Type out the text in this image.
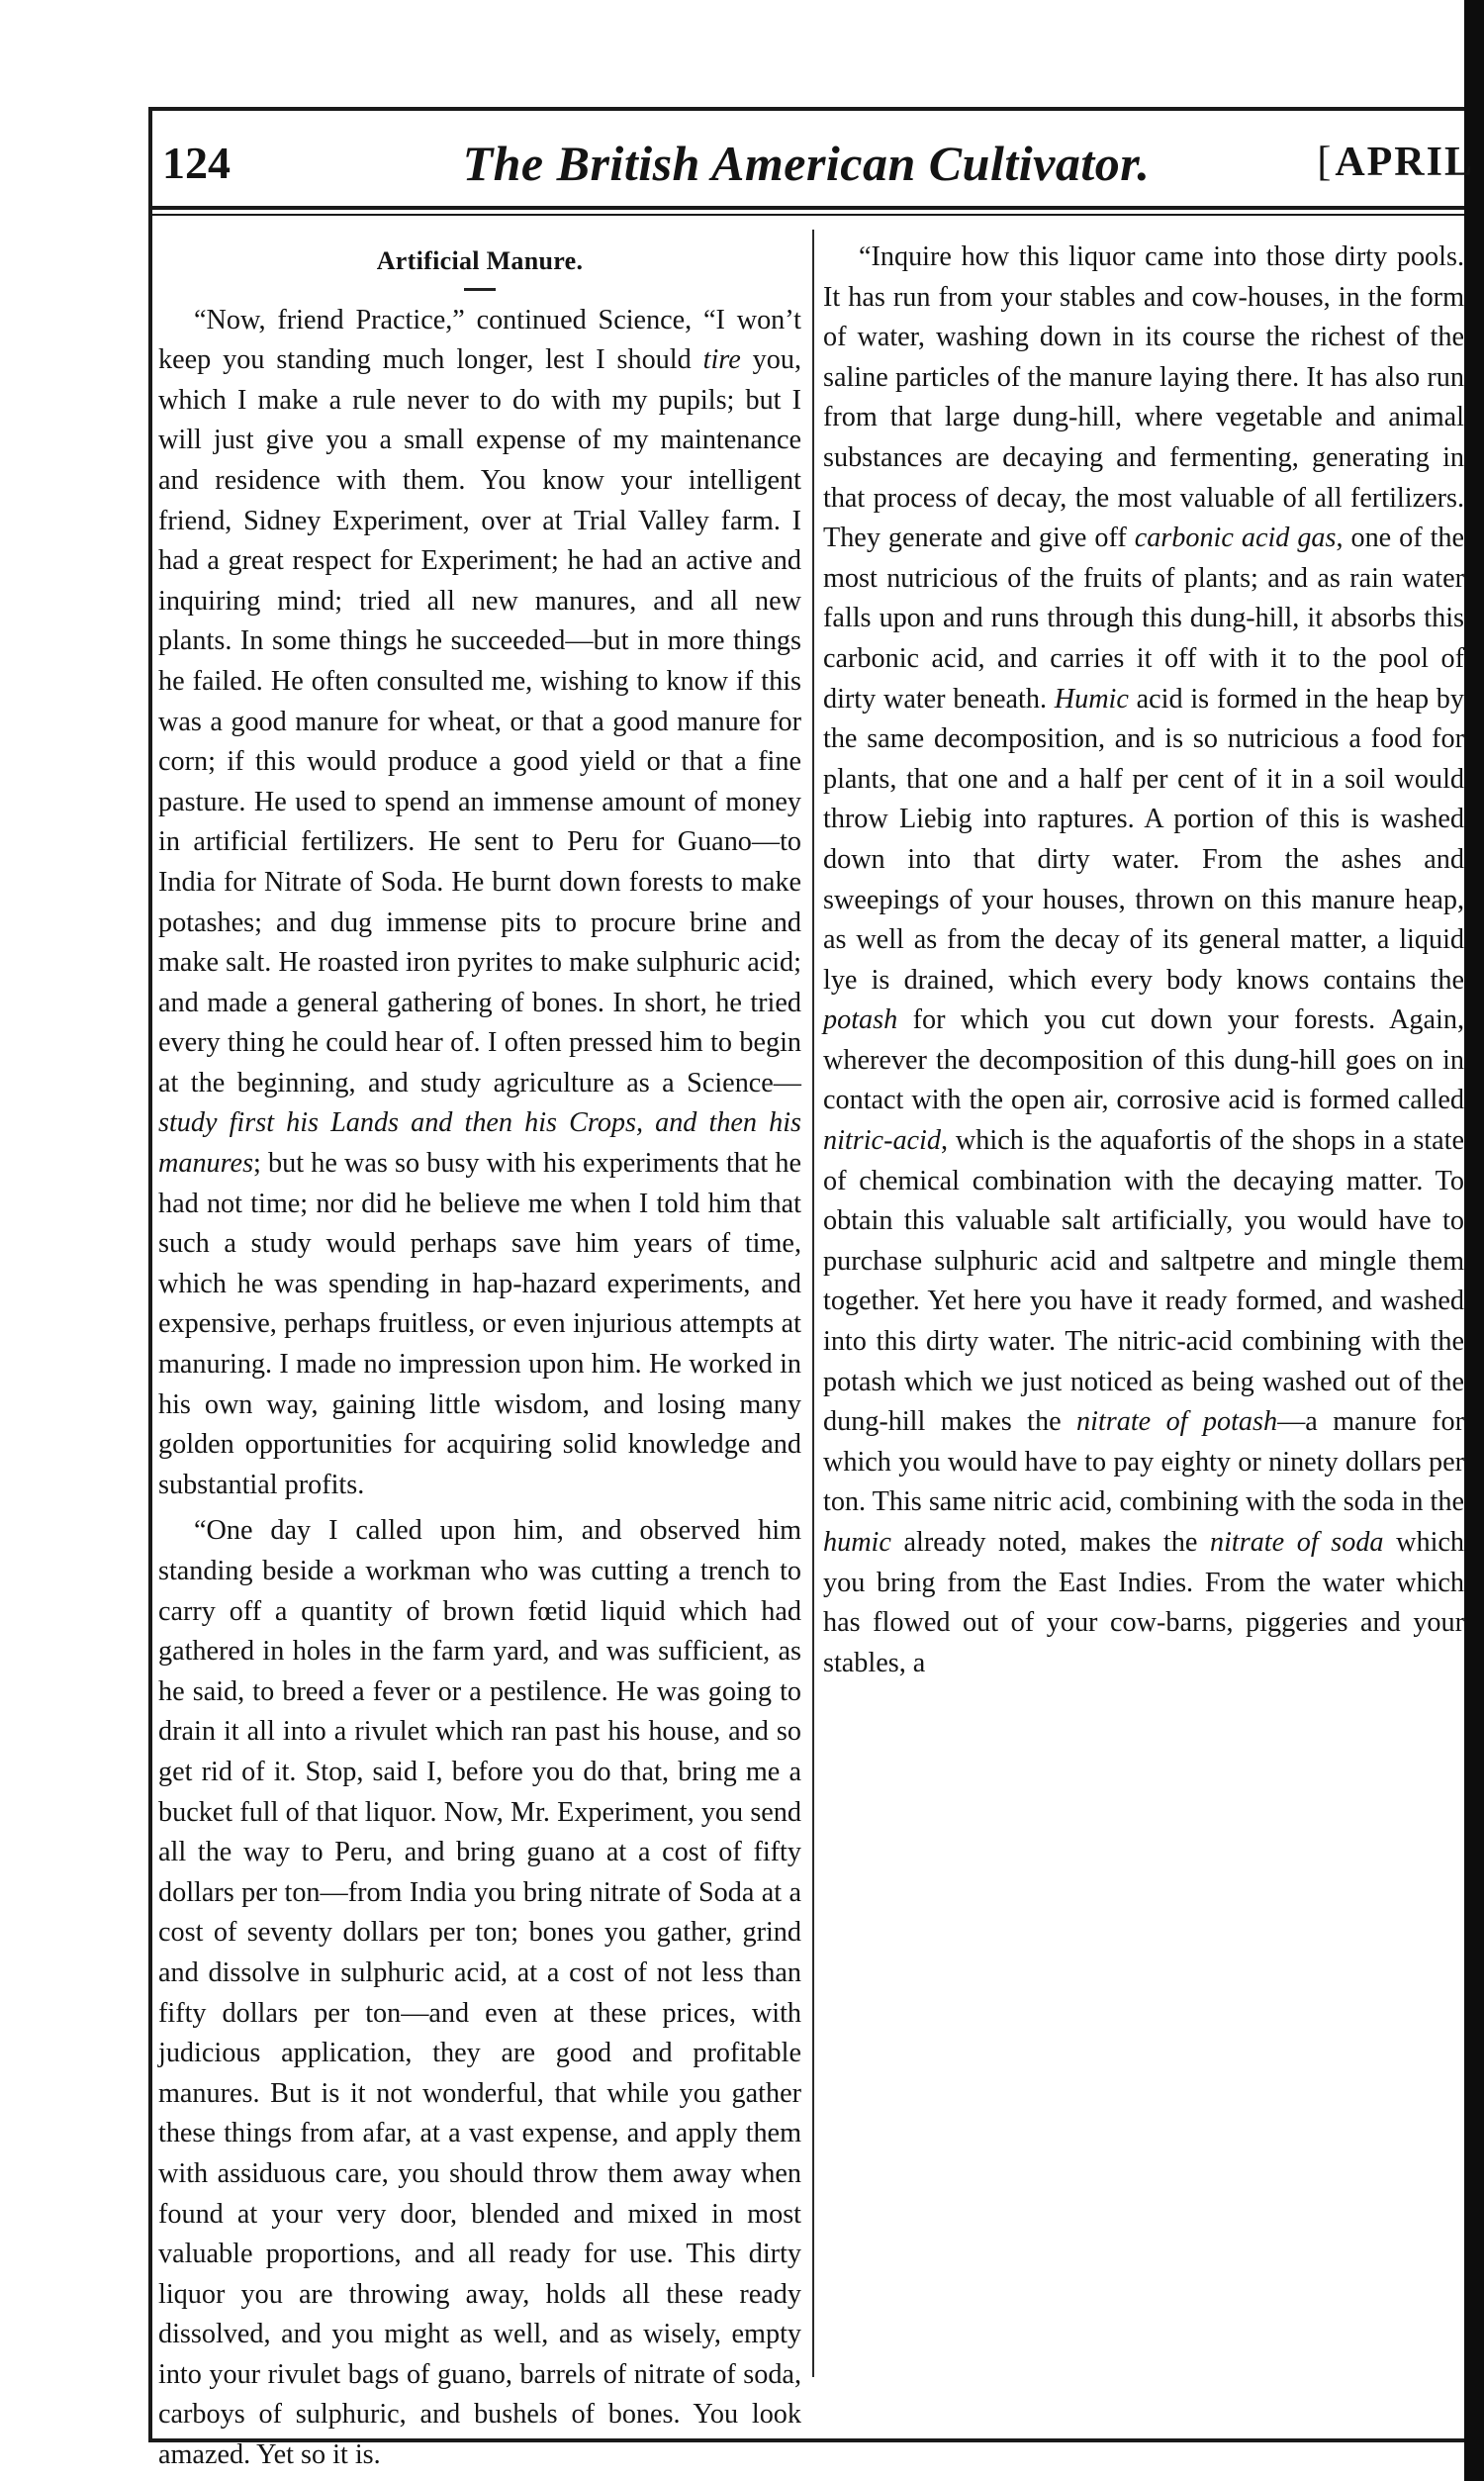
124	The British American Cultivator.
[	APRIL
Artificial Manure.

“Now, friend Practice,” continued Science, “I won’t keep you standing much longer, lest I should tire you, which I make a rule never to do with my pupils; but I will just give you a small expense of my maintenance and residence with them. You know your intelligent friend, Sidney Experiment, over at Trial Valley farm. I had a great respect for Experiment; he had an active and inquiring mind; tried all new manures, and all new plants. In some things he succeeded—but in more things he failed. He often consulted me, wishing to know if this was a good manure for wheat, or that a good manure for corn; if this would produce a good yield or that a fine pasture. He used to spend an immense amount of money in artificial fertilizers. He sent to Peru for Guano—to India for Nitrate of Soda. He burnt down forests to make potashes; and dug immense pits to procure brine and make salt. He roasted iron pyrites to make sulphuric acid; and made a general gathering of bones. In short, he tried every thing he could hear of. I often pressed him to begin at the beginning, and study agriculture as a Science—study first his Lands and then his Crops, and then his manures; but he was so busy with his experiments that he had not time; nor did he believe me when I told him that such a study would perhaps save him years of time, which he was spending in hap-hazard experiments, and expensive, perhaps fruitless, or even injurious attempts at manuring. I made no impression upon him. He worked in his own way, gaining little wisdom, and losing many golden opportunities for acquiring solid knowledge and substantial profits.

“One day I called upon him, and observed him standing beside a workman who was cutting a trench to carry off a quantity of brown fœtid liquid which had gathered in holes in the farm yard, and was sufficient, as he said, to breed a fever or a pestilence. He was going to drain it all into a rivulet which ran past his house, and so get rid of it. Stop, said I, before you do that, bring me a bucket full of that liquor. Now, Mr. Experiment, you send all the way to Peru, and bring guano at a cost of fifty dollars per ton—from India you bring nitrate of Soda at a cost of seventy dollars per ton; bones you gather, grind and dissolve in sulphuric acid, at a cost of not less than fifty dollars per ton—and even at these prices, with judicious application, they are good and profitable manures. But is it not wonderful, that while you gather these things from afar, at a vast expense, and apply them with assiduous care, you should throw them away when found at your very door, blended and mixed in most valuable proportions, and all ready for use. This dirty liquor you are throwing away, holds all these ready dissolved, and you might as well, and as wisely, empty into your rivulet bags of guano, barrels of nitrate of soda, carboys of sulphuric, and bushels of bones. You look amazed. Yet so it is.

“Inquire how this liquor came into those dirty pools. It has run from your stables and cow-houses, in the form of water, washing down in its course the richest of the saline particles of the manure laying there. It has also run from that large dung-hill, where vegetable and animal substances are decaying and fermenting, generating in that process of decay, the most valuable of all fertilizers. They generate and give off carbonic acid gas, one of the most nutricious of the fruits of plants; and as rain water falls upon and runs through this dung-hill, it absorbs this carbonic acid, and carries it off with it to the pool of dirty water beneath. Humic acid is formed in the heap by the same decomposition, and is so nutricious a food for plants, that one and a half per cent of it in a soil would throw Liebig into raptures. A portion of this is washed down into that dirty water. From the ashes and sweepings of your houses, thrown on this manure heap, as well as from the decay of its general matter, a liquid lye is drained, which every body knows contains the potash for which you cut down your forests. Again, wherever the decomposition of this dung-hill goes on in contact with the open air, corrosive acid is formed called nitric-acid, which is the aquafortis of the shops in a state of chemical combination with the decaying matter. To obtain this valuable salt artificially, you would have to purchase sulphuric acid and saltpetre and mingle them together. Yet here you have it ready formed, and washed into this dirty water. The nitric-acid combining with the potash which we just noticed as being washed out of the dung-hill makes the nitrate of potash—a manure for which you would have to pay eighty or ninety dollars per ton. This same nitric acid, combining with the soda in the humic already noted, makes the nitrate of soda which you bring from the East Indies. From the water which has flowed out of your cow-barns, piggeries and your stables, a
